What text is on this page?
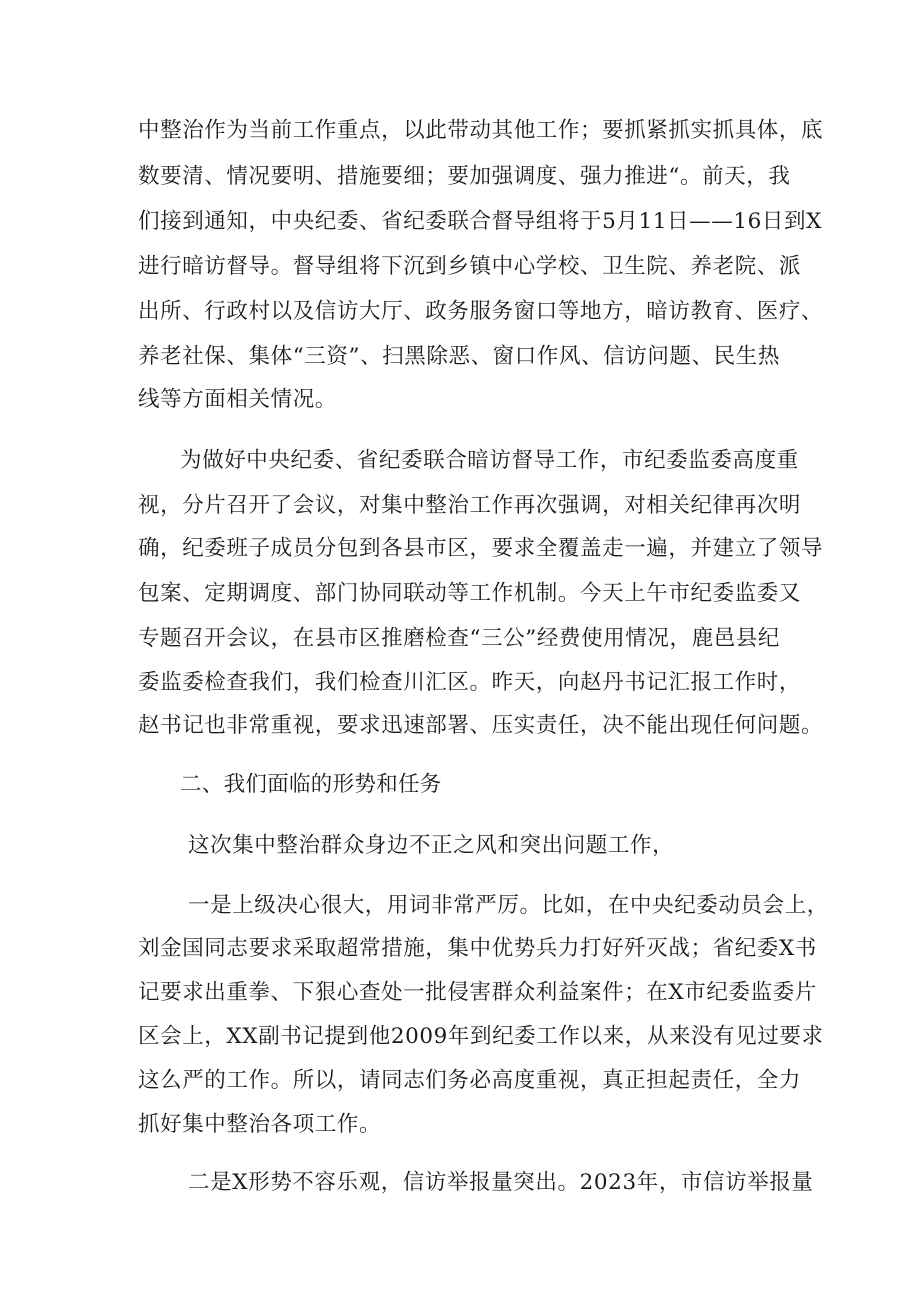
中整治作为当前工作重点，以此带动其他工作；要抓紧抓实抓具体，底
数要清、情况要明、措施要细；要加强调度、强力推进“。前天，我
们接到通知，中央纪委、省纪委联合督导组将于5月11日——16日到X
进行暗访督导。督导组将下沉到乡镇中心学校、卫生院、养老院、派
出所、行政村以及信访大厅、政务服务窗口等地方，暗访教育、医疗、
养老社保、集体“三资”、扫黑除恶、窗口作风、信访问题、民生热
线等方面相关情况。
为做好中央纪委、省纪委联合暗访督导工作，市纪委监委高度重
视，分片召开了会议，对集中整治工作再次强调，对相关纪律再次明
确，纪委班子成员分包到各县市区，要求全覆盖走一遍，并建立了领导
包案、定期调度、部门协同联动等工作机制。今天上午市纪委监委又
专题召开会议，在县市区推磨检查“三公”经费使用情况，鹿邑县纪
委监委检查我们，我们检查川汇区。昨天，向赵丹书记汇报工作时，
赵书记也非常重视，要求迅速部署、压实责任，决不能出现任何问题。
二、我们面临的形势和任务
这次集中整治群众身边不正之风和突出问题工作，
一是上级决心很大，用词非常严厉。比如，在中央纪委动员会上，
刘金国同志要求采取超常措施，集中优势兵力打好歼灭战；省纪委X书
记要求出重拳、下狠心查处一批侵害群众利益案件；在X市纪委监委片
区会上，XX副书记提到他2009年到纪委工作以来，从来没有见过要求
这么严的工作。所以，请同志们务必高度重视，真正担起责任，全力
抓好集中整治各项工作。
二是X形势不容乐观，信访举报量突出。2023年，市信访举报量
